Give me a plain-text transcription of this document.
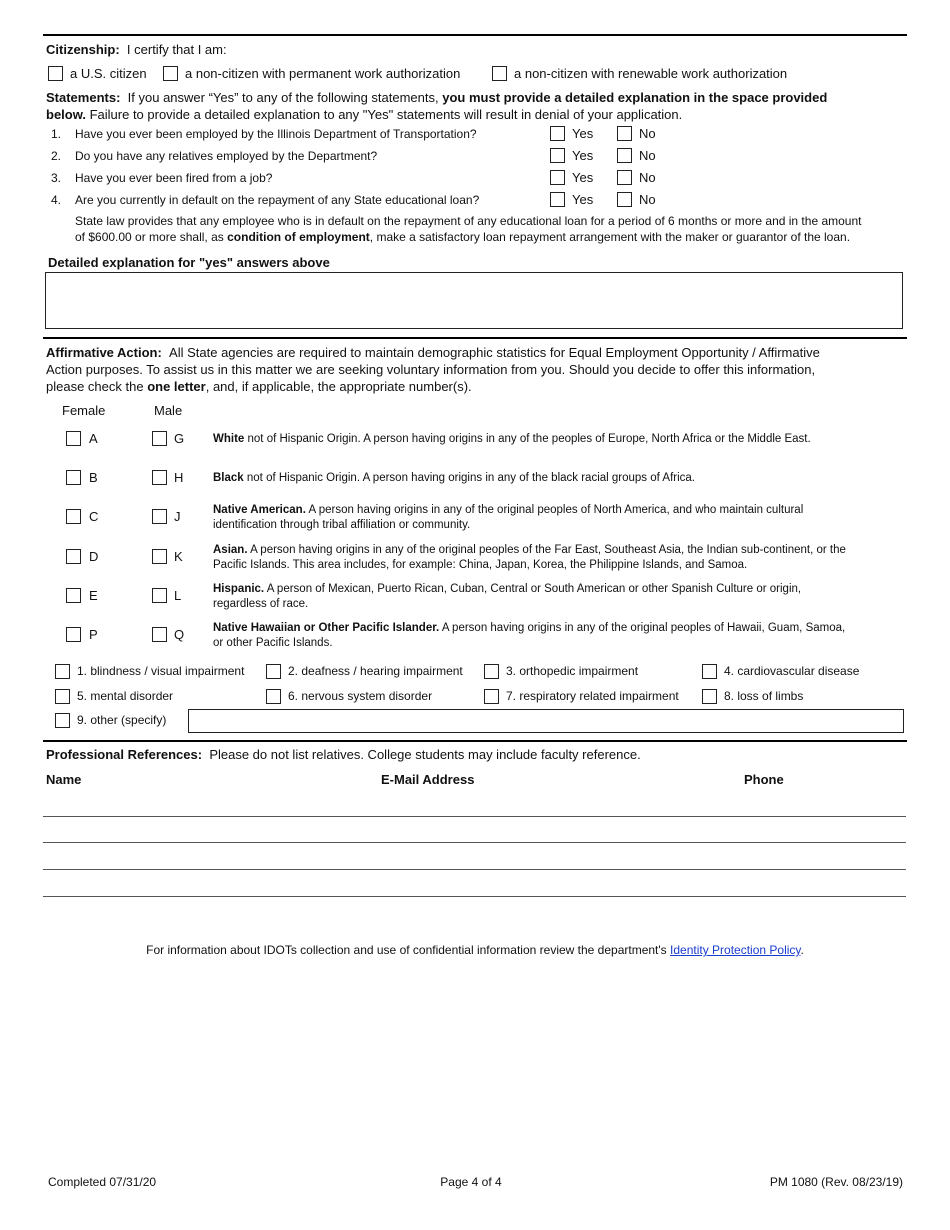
Citizenship: I certify that I am:
a U.S. citizen	a non-citizen with permanent work authorization	a non-citizen with renewable work authorization
Statements: If you answer “Yes” to any of the following statements, you must provide a detailed explanation in the space provided
below. Failure to provide a detailed explanation to any "Yes" statements will result in denial of your application.
1. Have you ever been employed by the Illinois Department of Transportation?	Yes	No
2. Do you have any relatives employed by the Department?	Yes	No
3. Have you ever been fired from a job?	Yes	No
4. Are you currently in default on the repayment of any State educational loan?	Yes	No
State law provides that any employee who is in default on the repayment of any educational loan for a period of 6 months or more and in the amount
of $600.00 or more shall, as condition of employment, make a satisfactory loan repayment arrangement with the maker or guarantor of the loan.
Detailed explanation for "yes" answers above
Affirmative Action: All State agencies are required to maintain demographic statistics for Equal Employment Opportunity / Affirmative
Action purposes. To assist us in this matter we are seeking voluntary information from you. Should you decide to offer this information,
please check the one letter, and, if applicable, the appropriate number(s).
Female	Male
A	G	White not of Hispanic Origin. A person having origins in any of the peoples of Europe, North Africa or the Middle East.
B	H	Black not of Hispanic Origin. A person having origins in any of the black racial groups of Africa.
C	J	Native American. A person having origins in any of the original peoples of North America, and who maintain cultural
identification through tribal affiliation or community.
D	K	Asian. A person having origins in any of the original peoples of the Far East, Southeast Asia, the Indian sub-continent, or the
Pacific Islands. This area includes, for example: China, Japan, Korea, the Philippine Islands, and Samoa.
E	L	Hispanic. A person of Mexican, Puerto Rican, Cuban, Central or South American or other Spanish Culture or origin,
regardless of race.
P	Q	Native Hawaiian or Other Pacific Islander. A person having origins in any of the original peoples of Hawaii, Guam, Samoa,
or other Pacific Islands.
1. blindness / visual impairment	2. deafness / hearing impairment	3. orthopedic impairment	4. cardiovascular disease
5. mental disorder	6. nervous system disorder	7. respiratory related impairment	8. loss of limbs
9. other (specify)
Professional References: Please do not list relatives. College students may include faculty reference.
Name	E-Mail Address	Phone
For information about IDOTs collection and use of confidential information review the department's Identity Protection Policy.
Completed 07/31/20	Page 4 of 4	PM 1080 (Rev. 08/23/19)
